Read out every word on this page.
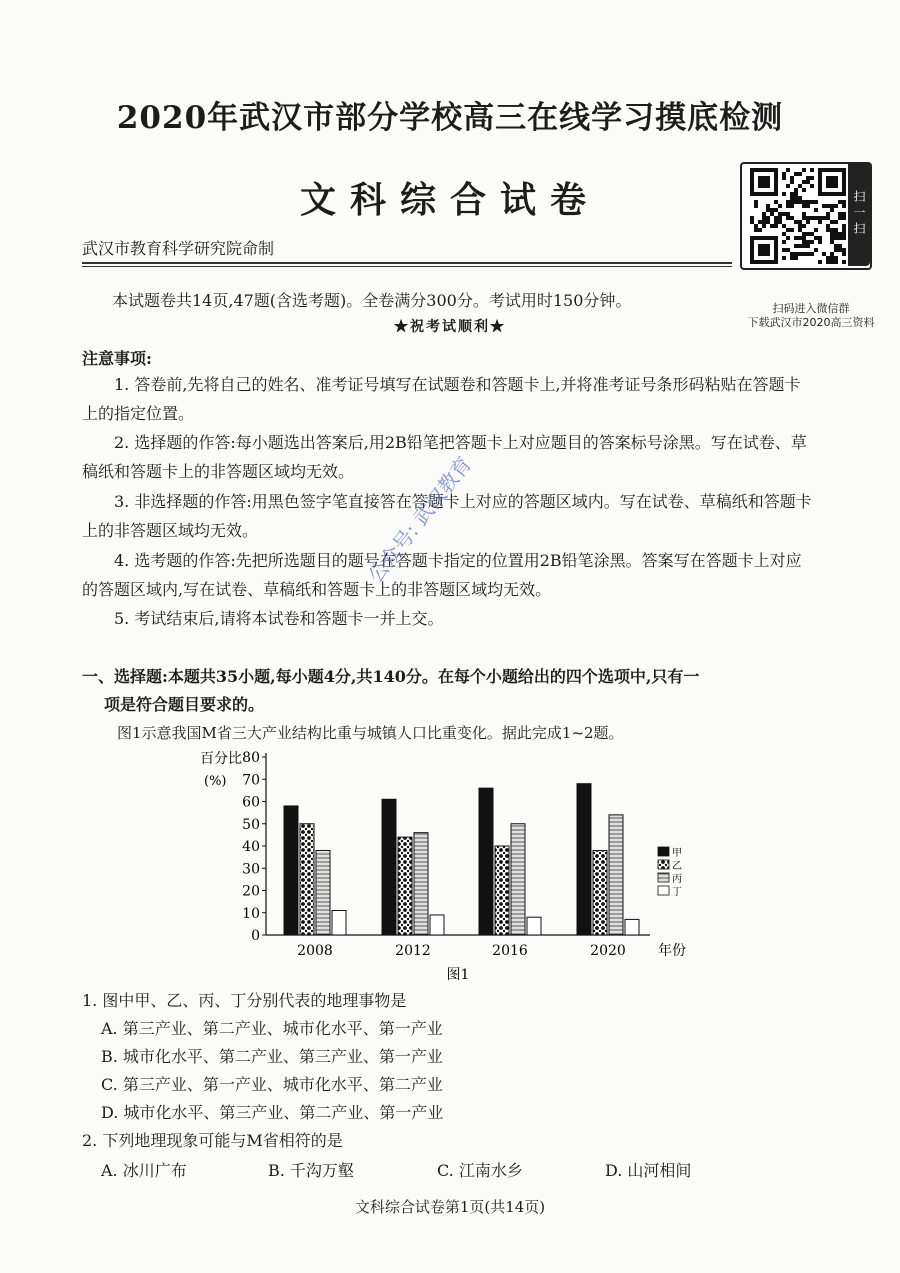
2020年武汉市部分学校高三在线学习摸底检测
文科综合试卷
武汉市教育科学研究院命制
扫一扫
扫码进入微信群
下载武汉市2020高三资料
本试题卷共14页,47题(含选考题)。全卷满分300分。考试用时150分钟。
★祝考试顺利★
注意事项:
1. 答卷前,先将自己的姓名、准考证号填写在试题卷和答题卡上,并将准考证号条形码粘贴在答题卡上的指定位置。
2. 选择题的作答:每小题选出答案后,用2B铅笔把答题卡上对应题目的答案标号涂黑。写在试卷、草稿纸和答题卡上的非答题区域均无效。
3. 非选择题的作答:用黑色签字笔直接答在答题卡上对应的答题区域内。写在试卷、草稿纸和答题卡上的非答题区域均无效。
4. 选考题的作答:先把所选题目的题号在答题卡指定的位置用2B铅笔涂黑。答案写在答题卡上对应的答题区域内,写在试卷、草稿纸和答题卡上的非答题区域均无效。
5. 考试结束后,请将本试卷和答题卡一并上交。
公众号: 武汉教育
一、选择题:本题共35小题,每小题4分,共140分。在每个小题给出的四个选项中,只有一
项是符合题目要求的。
图1示意我国M省三大产业结构比重与城镇人口比重变化。据此完成1~2题。
0
10
20
30
40
50
60
70
80
百分比
(%)
2008	2012	2016	2020 年份
甲
乙
丙
丁
图1
1. 图中甲、乙、丙、丁分别代表的地理事物是
A. 第三产业、第二产业、城市化水平、第一产业
B. 城市化水平、第二产业、第三产业、第一产业
C. 第三产业、第一产业、城市化水平、第二产业
D. 城市化水平、第三产业、第二产业、第一产业
2. 下列地理现象可能与M省相符的是
A. 冰川广布	B. 千沟万壑	C. 江南水乡	D. 山河相间
文科综合试卷第1页(共14页)
